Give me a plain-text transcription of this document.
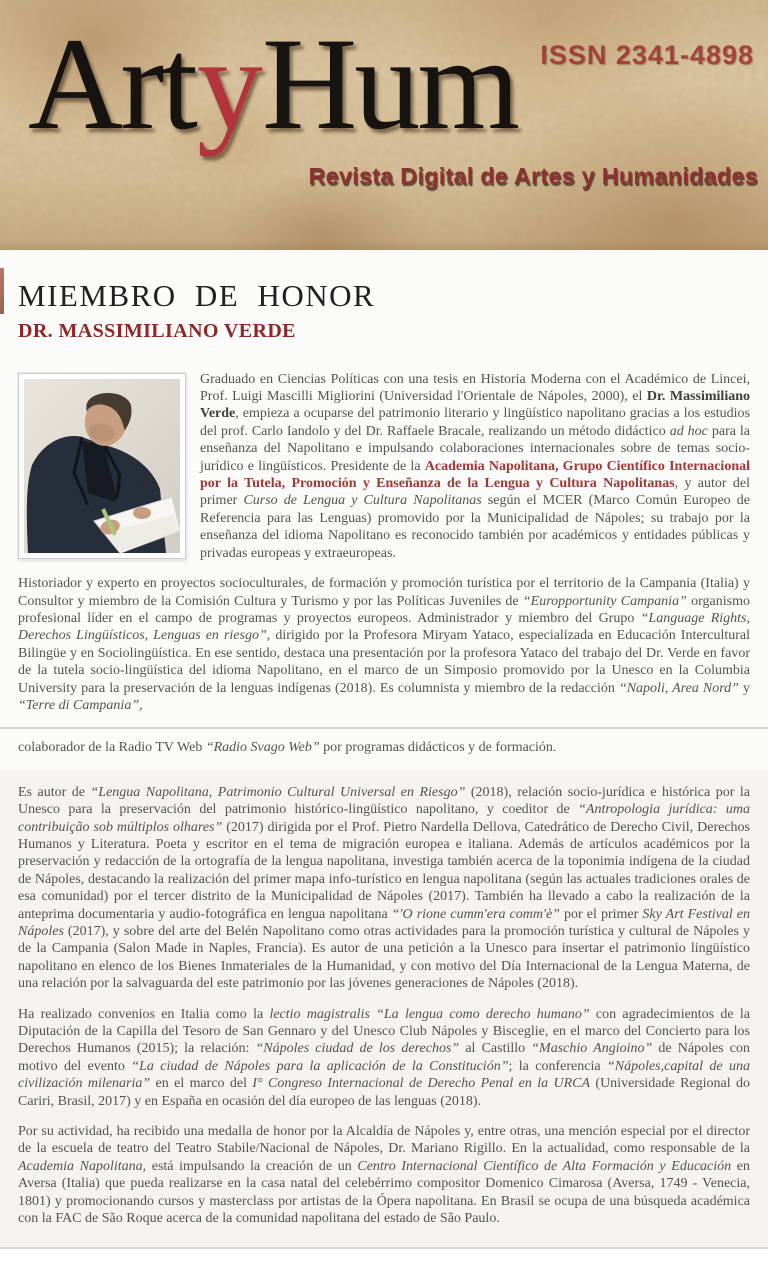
ISSN 2341-4898
ArtyHum
Revista Digital de Artes y Humanidades
MIEMBRO DE HONOR
DR. MASSIMILIANO VERDE

Graduado en Ciencias Políticas con una tesis en Historia Moderna con el Académico de Lincei, Prof. Luigi Mascilli Migliorini (Universidad l'Orientale de Nápoles, 2000), el Dr. Massimiliano Verde, empieza a ocuparse del patrimonio literario y lingüístico napolitano gracias a los estudios del prof. Carlo Iandolo y del Dr. Raffaele Bracale, realizando un método didáctico ad hoc para la enseñanza del Napolitano e impulsando colaboraciones internacionales sobre de temas socio-jurídico e lingüísticos. Presidente de la Academia Napolitana, Grupo Científico Internacional por la Tutela, Promoción y Enseñanza de la Lengua y Cultura Napolitanas, y autor del primer Curso de Lengua y Cultura Napolitanas según el MCER (Marco Común Europeo de Referencia para las Lenguas) promovido por la Municipalidad de Nápoles; su trabajo por la enseñanza del idioma Napolitano es reconocido también por académicos y entidades públicas y privadas europeas y extraeuropeas.

Historiador y experto en proyectos socioculturales, de formación y promoción turística por el territorio de la Campania (Italia) y Consultor y miembro de la Comisión Cultura y Turismo y por las Políticas Juveniles de “Europportunity Campania” organismo profesional líder en el campo de programas y proyectos europeos. Administrador y miembro del Grupo “Language Rights, Derechos Lingüísticos, Lenguas en riesgo”, dirigido por la Profesora Miryam Yataco, especializada en Educación Intercultural Bilingüe y en Sociolingüística. En ese sentido, destaca una presentación por la profesora Yataco del trabajo del Dr. Verde en favor de la tutela socio-lingüística del idioma Napolitano, en el marco de un Simposio promovido por la Unesco en la Columbia University para la preservación de la lenguas indígenas (2018). Es columnista y miembro de la redacción “Napoli, Area Nord” y “Terre di Campania”,

colaborador de la Radio TV Web “Radio Svago Web” por programas didácticos y de formación.

Es autor de “Lengua Napolitana, Patrimonio Cultural Universal en Riesgo” (2018), relación socio-jurídica e histórica por la Unesco para la preservación del patrimonio histórico-lingüístico napolitano, y coeditor de “Antropologia jurídica: uma contribuição sob múltiplos olhares” (2017) dirigida por el Prof. Pietro Nardella Dellova, Catedrático de Derecho Civil, Derechos Humanos y Literatura. Poeta y escritor en el tema de migración europea e italiana. Además de artículos académicos por la preservación y redacción de la ortografía de la lengua napolitana, investiga también acerca de la toponimia indígena de la ciudad de Nápoles, destacando la realización del primer mapa info-turístico en lengua napolitana (según las actuales tradiciones orales de esa comunidad) por el tercer distrito de la Municipalidad de Nápoles (2017). También ha llevado a cabo la realización de la anteprima documentaria y audio-fotográfica en lengua napolitana “'O rione cumm'era comm'è” por el primer Sky Art Festival en Nápoles (2017), y sobre del arte del Belén Napolitano como otras actividades para la promoción turística y cultural de Nápoles y de la Campania (Salon Made in Naples, Francia). Es autor de una petición a la Unesco para insertar el patrimonio lingüístico napolitano en elenco de los Bienes Inmateriales de la Humanidad, y con motivo del Día Internacional de la Lengua Materna, de una relación por la salvaguarda del este patrimonio por las jóvenes generaciones de Nápoles (2018).

Ha realizado convenios en Italia como la lectio magistralis “La lengua como derecho humano” con agradecimientos de la Diputación de la Capilla del Tesoro de San Gennaro y del Unesco Club Nápoles y Bisceglie, en el marco del Concierto para los Derechos Humanos (2015); la relación: “Nápoles ciudad de los derechos” al Castillo “Maschio Angioino” de Nápoles con motivo del evento “La ciudad de Nápoles para la aplicación de la Constitución”; la conferencia “Nápoles,capital de una civilización milenaria” en el marco del I° Congreso Internacional de Derecho Penal en la URCA (Universidade Regional do Cariri, Brasil, 2017) y en España en ocasión del día europeo de las lenguas (2018).

Por su actividad, ha recibido una medalla de honor por la Alcaldía de Nápoles y, entre otras, una mención especial por el director de la escuela de teatro del Teatro Stabile/Nacional de Nápoles, Dr. Mariano Rigillo. En la actualidad, como responsable de la Academia Napolitana, está impulsando la creación de un Centro Internacional Científico de Alta Formación y Educación en Aversa (Italia) que pueda realizarse en la casa natal del celebérrimo compositor Domenico Cimarosa (Aversa, 1749 - Venecia, 1801) y promocionando cursos y masterclass por artistas de la Ópera napolitana. En Brasil se ocupa de una búsqueda académica con la FAC de São Roque acerca de la comunidad napolitana del estado de São Paulo.
